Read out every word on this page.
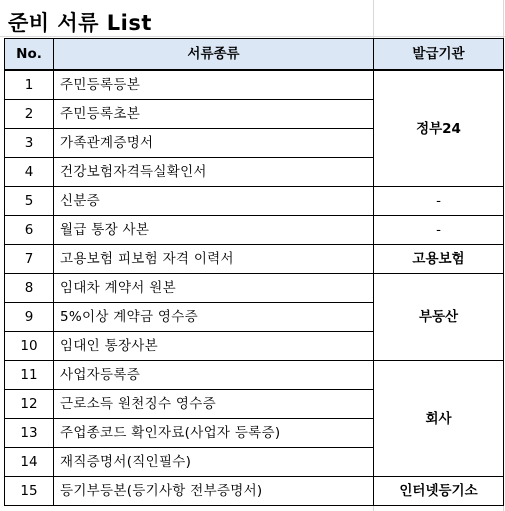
준비 서류 List
No.	서류종류	발급기관
1	주민등록등본	정부24
2	주민등록초본	
3	가족관계증명서	
4	건강보험자격득실확인서	
5	신분증	-
6	월급 통장 사본	-
7	고용보험 피보험 자격 이력서	고용보험
8	임대차 계약서 원본	부동산
9	5%이상 계약금 영수증	
10	임대인 통장사본	
11	사업자등록증	회사
12	근로소득 원천징수 영수증	
13	주업종코드 확인자료(사업자 등록증)	
14	재직증명서(직인필수)	
15	등기부등본(등기사항 전부증명서)	인터넷등기소
